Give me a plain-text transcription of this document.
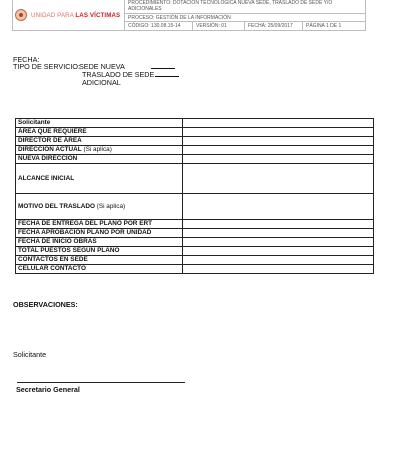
UNIDAD PARA LAS VÍCTIMAS
PROCEDIMIENTO: DOTACIÓN TECNOLÓGICA NUEVA SEDE, TRASLADO DE SEDE Y/O
ADICIONALES
PROCESO: GESTIÓN DE LA INFORMACIÓN
CÓDIGO: 130.08.15-14	VERSIÓN: 01	FECHA: 25/09/2017	PÁGINA 1 DE 1
FECHA:
TIPO DE SERVICIO: SEDE NUEVA
TRASLADO DE SEDE
ADICIONAL
Solicitante	
ÁREA QUE REQUIERE	
DIRECTOR DE ÁREA	
DIRECCIÓN ACTUAL (Si aplica)	
NUEVA DIRECCIÓN	
ALCANCE INICIAL	
MOTIVO DEL TRASLADO (Si aplica)	
FECHA DE ENTREGA DEL PLANO POR ERT	
FECHA APROBACIÓN PLANO POR UNIDAD	
FECHA DE INICIO OBRAS	
TOTAL PUESTOS SEGÚN PLANO	
CONTACTOS EN SEDE	
CELULAR CONTACTO	
OBSERVACIONES:
Solicitante
Secretario General
